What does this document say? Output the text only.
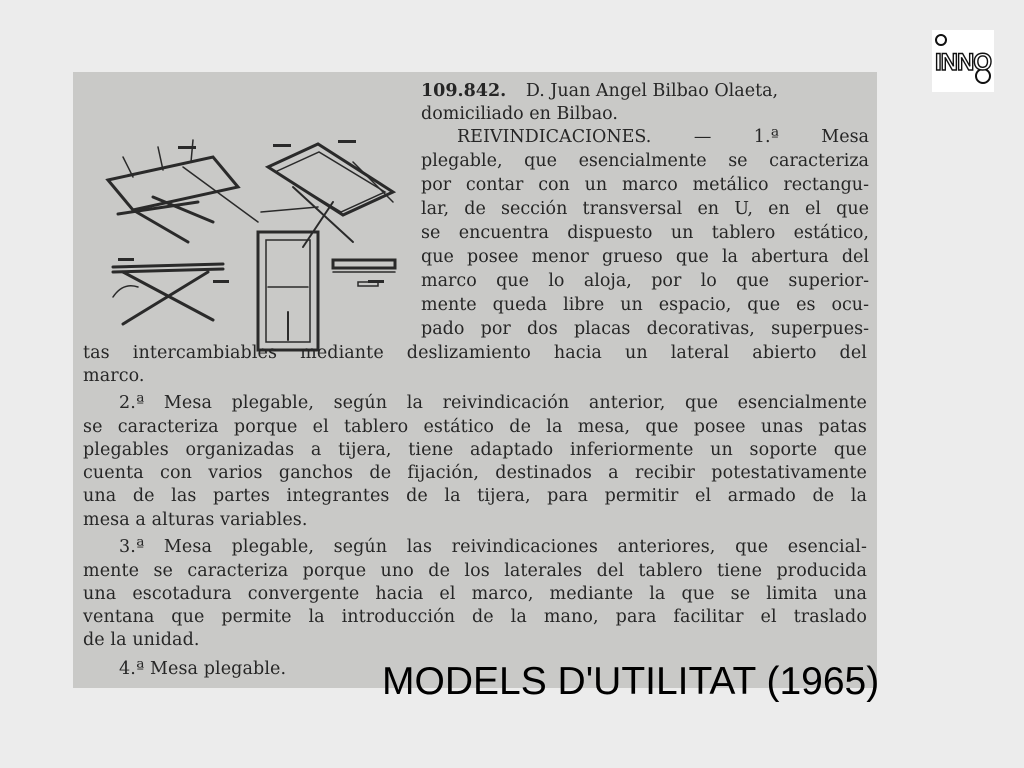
109.842. D. Juan Angel Bilbao Olaeta,
domiciliado en Bilbao.
REIVINDICACIONES. — 1.ª Mesa
plegable, que esencialmente se caracteriza
por contar con un marco metálico rectangu-
lar, de sección transversal en U, en el que
se encuentra dispuesto un tablero estático,
que posee menor grueso que la abertura del
marco que lo aloja, por lo que superior-
mente queda libre un espacio, que es ocu-
pado por dos placas decorativas, superpues-
tas intercambiables mediante deslizamiento hacia un lateral abierto del
marco.
2.ª Mesa plegable, según la reivindicación anterior, que esencialmente
se caracteriza porque el tablero estático de la mesa, que posee unas patas
plegables organizadas a tijera, tiene adaptado inferiormente un soporte que
cuenta con varios ganchos de fijación, destinados a recibir potestativamente
una de las partes integrantes de la tijera, para permitir el armado de la
mesa a alturas variables.
3.ª Mesa plegable, según las reivindicaciones anteriores, que esencial-
mente se caracteriza porque uno de los laterales del tablero tiene producida
una escotadura convergente hacia el marco, mediante la que se limita una
ventana que permite la introducción de la mano, para facilitar el traslado
de la unidad.
4.ª Mesa plegable.
INNO
MODELS D'UTILITAT (1965)
